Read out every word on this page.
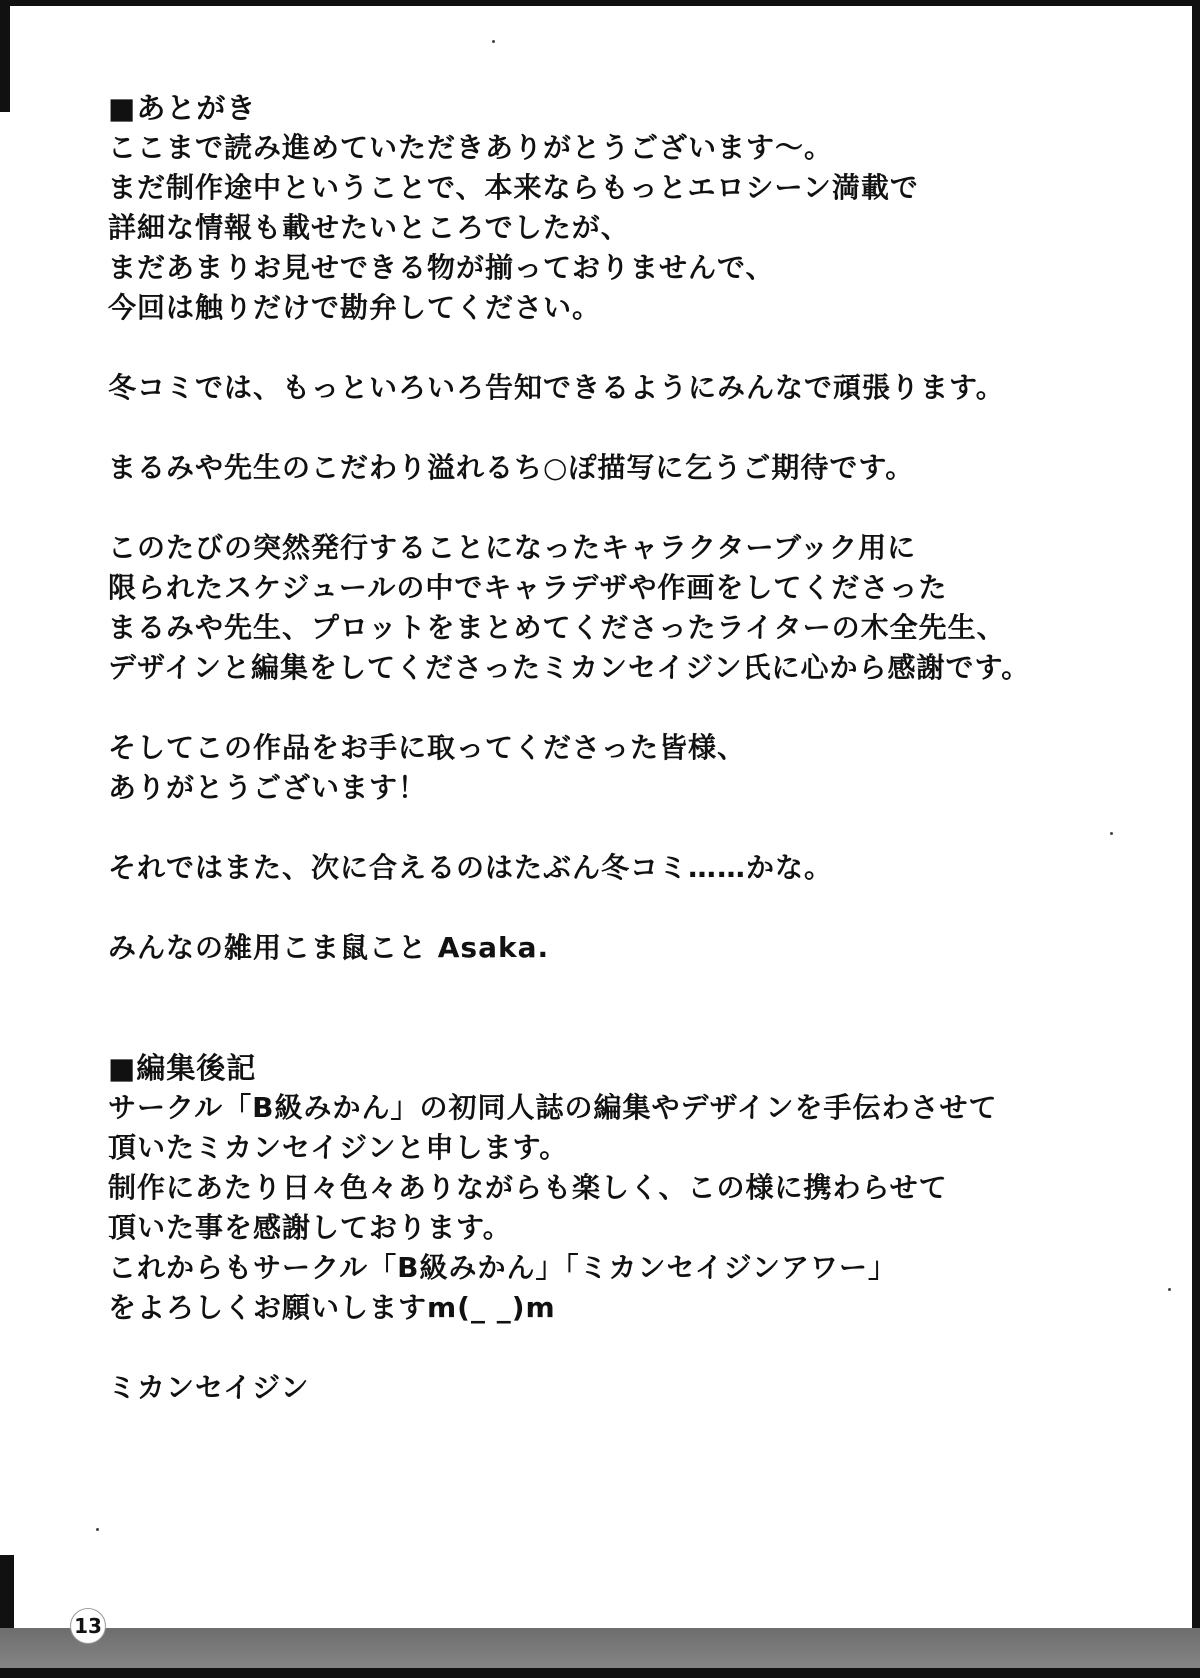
■あとがき

ここまで読み進めていただきありがとうございます～。
まだ制作途中ということで、本来ならもっとエロシーン満載で
詳細な情報も載せたいところでしたが、
まだあまりお見せできる物が揃っておりませんで、
今回は触りだけで勘弁してください。
冬コミでは、もっといろいろ告知できるようにみんなで頑張ります。
まるみや先生のこだわり溢れるち○ぽ描写に乞うご期待です。
このたびの突然発行することになったキャラクターブック用に
限られたスケジュールの中でキャラデザや作画をしてくださった
まるみや先生、プロットをまとめてくださったライターの木全先生、
デザインと編集をしてくださったミカンセイジン氏に心から感謝です。
そしてこの作品をお手に取ってくださった皆様、
ありがとうございます！
それではまた、次に合えるのはたぶん冬コミ……かな。
みんなの雑用こま鼠こと Asaka.

■編集後記

サークル「B級みかん」の初同人誌の編集やデザインを手伝わさせて
頂いたミカンセイジンと申します。
制作にあたり日々色々ありながらも楽しく、この様に携わらせて
頂いた事を感謝しております。
これからもサークル「B級みかん」「ミカンセイジンアワー」
をよろしくお願いしますm(_ _)m
ミカンセイジン
13
